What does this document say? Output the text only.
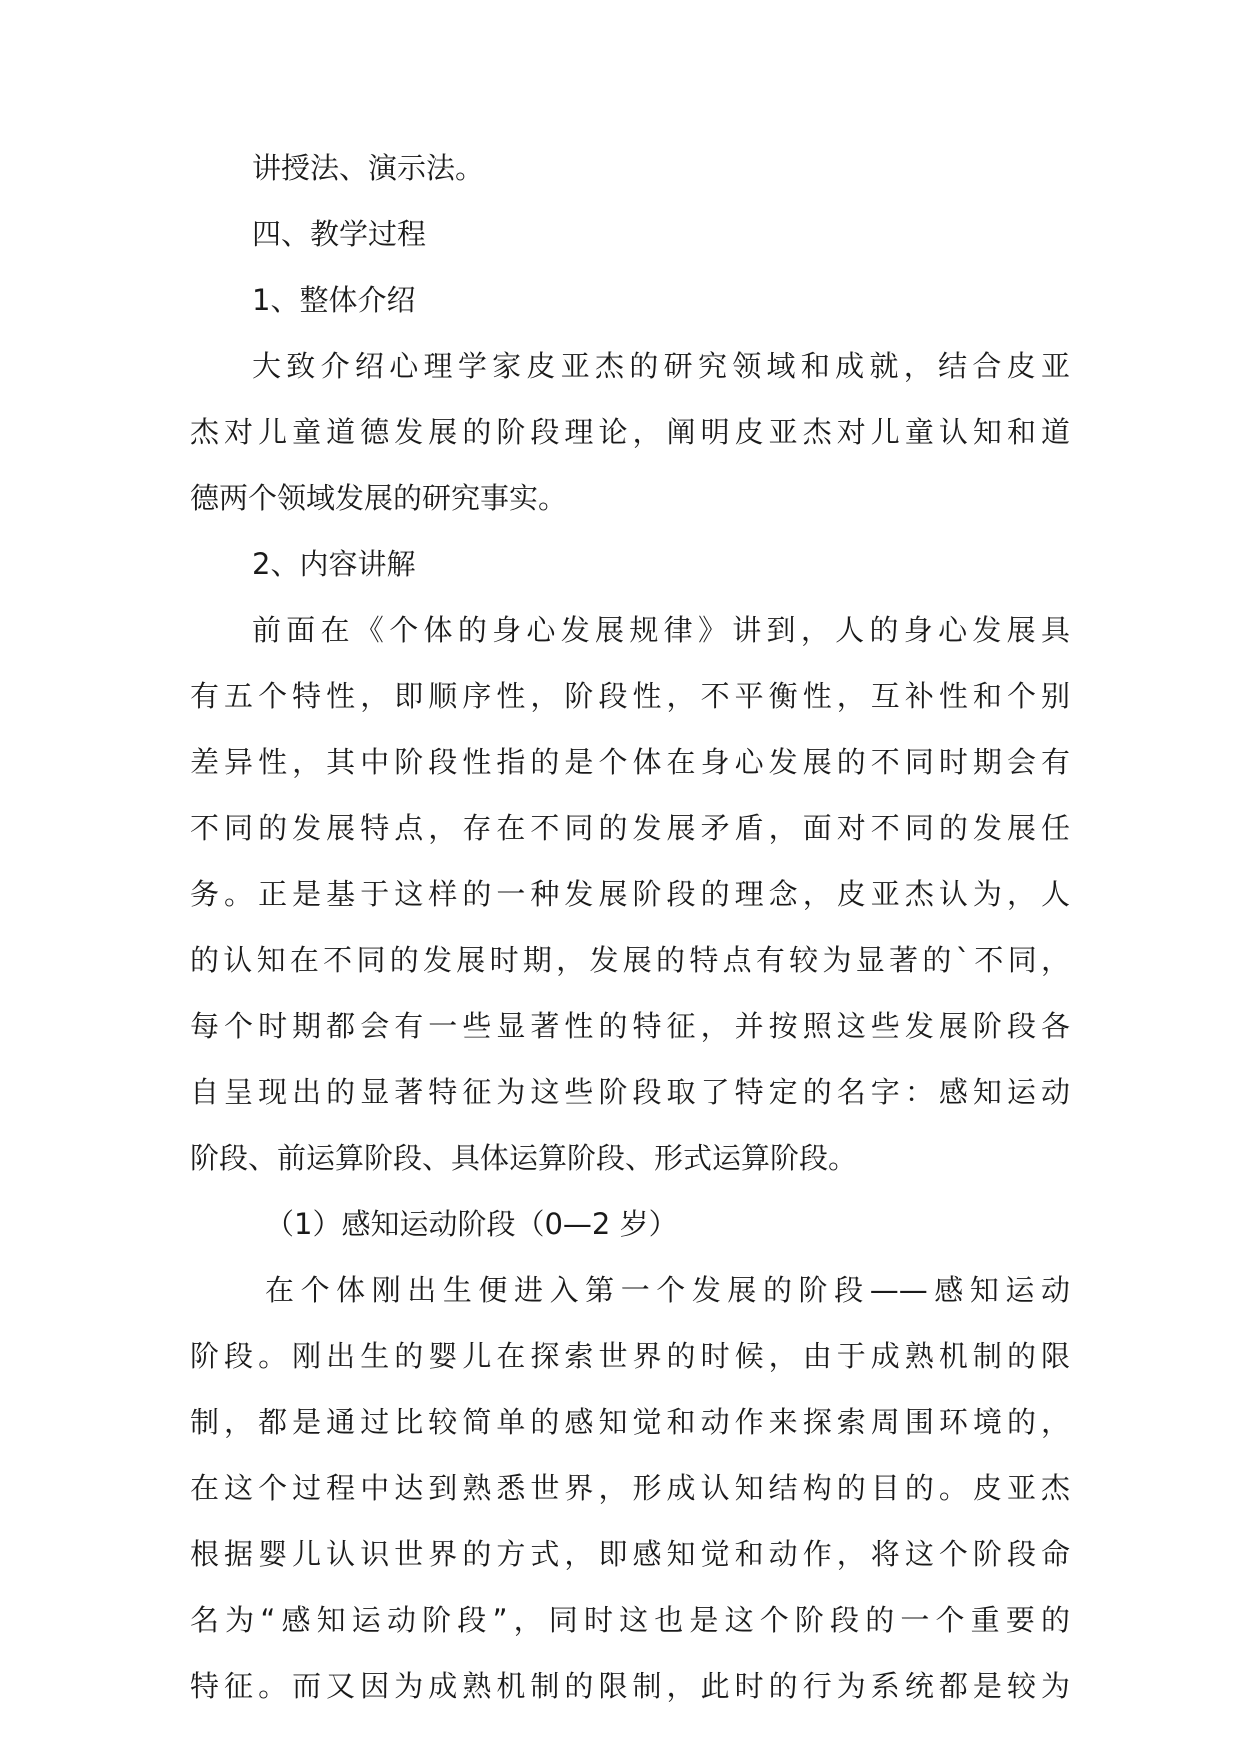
讲授法、演示法。
四、教学过程
1、整体介绍
大致介绍心理学家皮亚杰的研究领域和成就，结合皮亚
杰对儿童道德发展的阶段理论，阐明皮亚杰对儿童认知和道
德两个领域发展的研究事实。
2、内容讲解
前面在《个体的身心发展规律》讲到，人的身心发展具
有五个特性，即顺序性，阶段性，不平衡性，互补性和个别
差异性，其中阶段性指的是个体在身心发展的不同时期会有
不同的发展特点，存在不同的发展矛盾，面对不同的发展任
务。正是基于这样的一种发展阶段的理念，皮亚杰认为，人
的认知在不同的发展时期，发展的特点有较为显著的`不同，
每个时期都会有一些显著性的特征，并按照这些发展阶段各
自呈现出的显著特征为这些阶段取了特定的名字：感知运动
阶段、前运算阶段、具体运算阶段、形式运算阶段。
（1）感知运动阶段（0—2 岁）
在个体刚出生便进入第一个发展的阶段——感知运动
阶段。刚出生的婴儿在探索世界的时候，由于成熟机制的限
制，都是通过比较简单的感知觉和动作来探索周围环境的，
在这个过程中达到熟悉世界，形成认知结构的目的。皮亚杰
根据婴儿认识世界的方式，即感知觉和动作，将这个阶段命
名为“感知运动阶段”，同时这也是这个阶段的一个重要的
特征。而又因为成熟机制的限制，此时的行为系统都是较为
